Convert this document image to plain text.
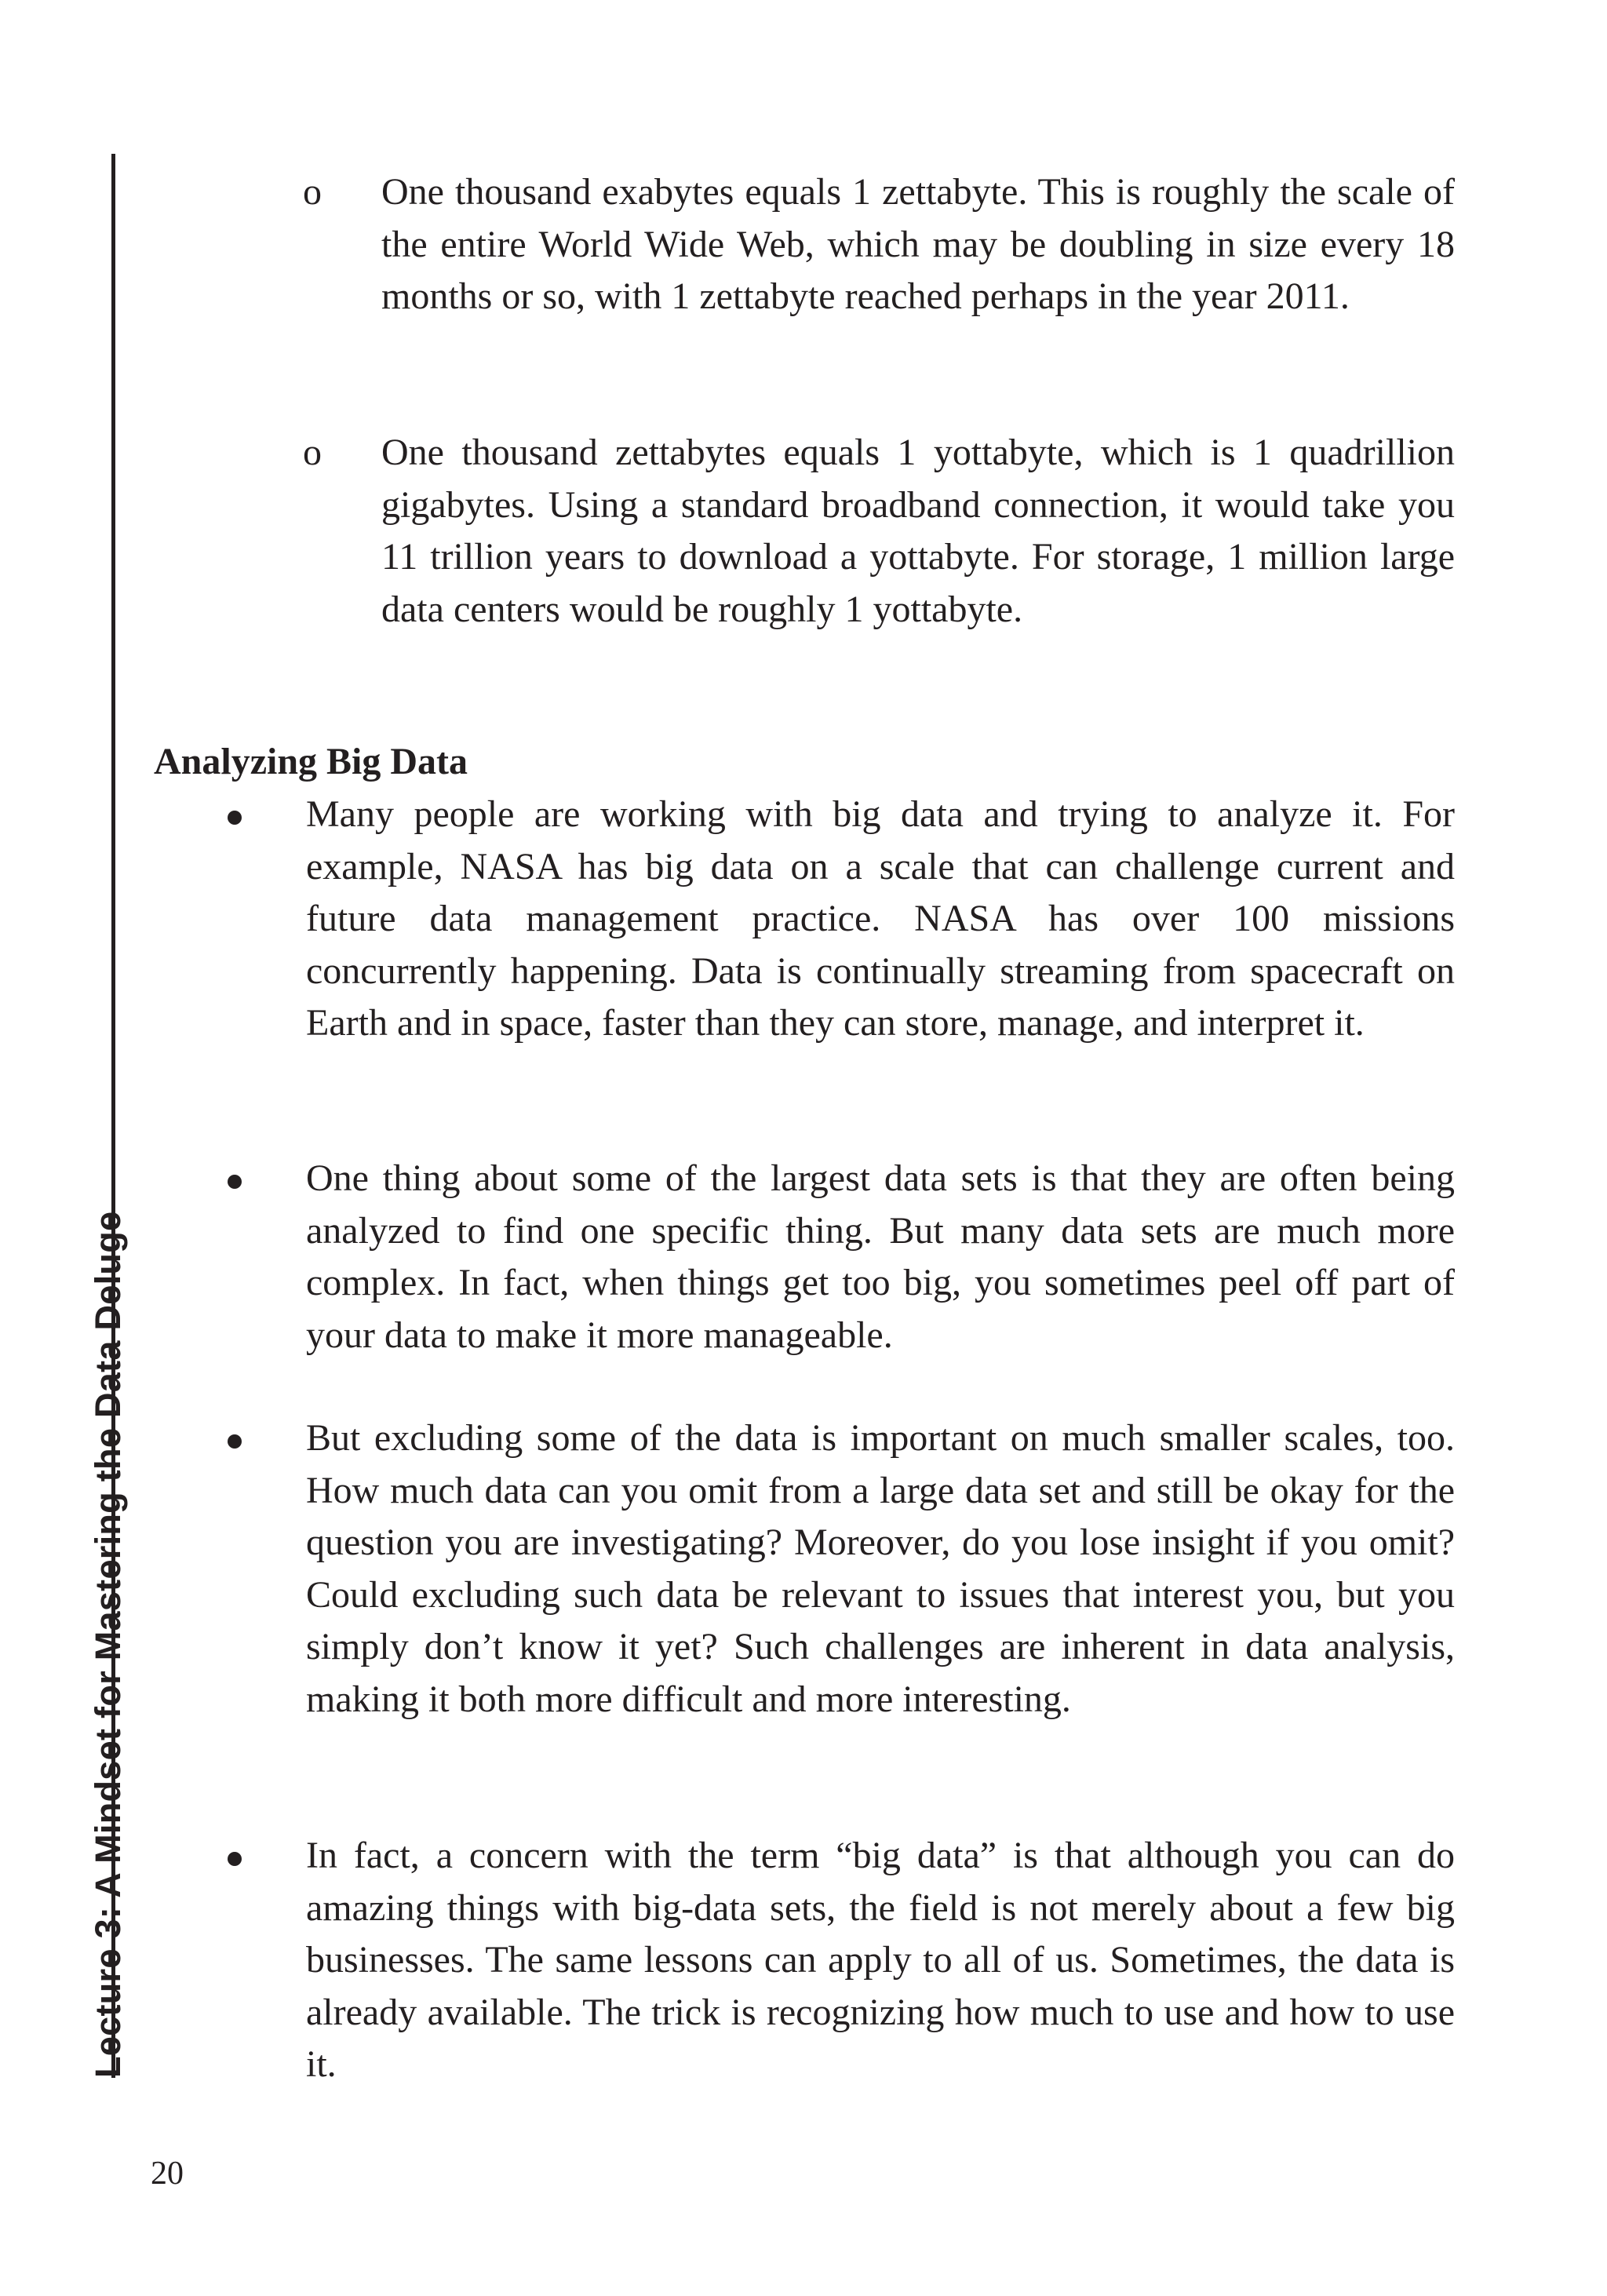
Lecture 3: A Mindset for Mastering the Data Deluge
o One thousand exabytes equals 1 zettabyte. This is roughly the scale of the entire World Wide Web, which may be doubling in size every 18 months or so, with 1 zettabyte reached perhaps in the year 2011.
o One thousand zettabytes equals 1 yottabyte, which is 1 quadrillion gigabytes. Using a standard broadband connection, it would take you 11 trillion years to download a yottabyte. For storage, 1 million large data centers would be roughly 1 yottabyte.
Analyzing Big Data
Many people are working with big data and trying to analyze it. For example, NASA has big data on a scale that can challenge current and future data management practice. NASA has over 100 missions concurrently happening. Data is continually streaming from spacecraft on Earth and in space, faster than they can store, manage, and interpret it.
One thing about some of the largest data sets is that they are often being analyzed to find one specific thing. But many data sets are much more complex. In fact, when things get too big, you sometimes peel off part of your data to make it more manageable.
But excluding some of the data is important on much smaller scales, too. How much data can you omit from a large data set and still be okay for the question you are investigating? Moreover, do you lose insight if you omit? Could excluding such data be relevant to issues that interest you, but you simply don’t know it yet? Such challenges are inherent in data analysis, making it both more difficult and more interesting.
In fact, a concern with the term “big data” is that although you can do amazing things with big-data sets, the field is not merely about a few big businesses. The same lessons can apply to all of us. Sometimes, the data is already available. The trick is recognizing how much to use and how to use it.
20
